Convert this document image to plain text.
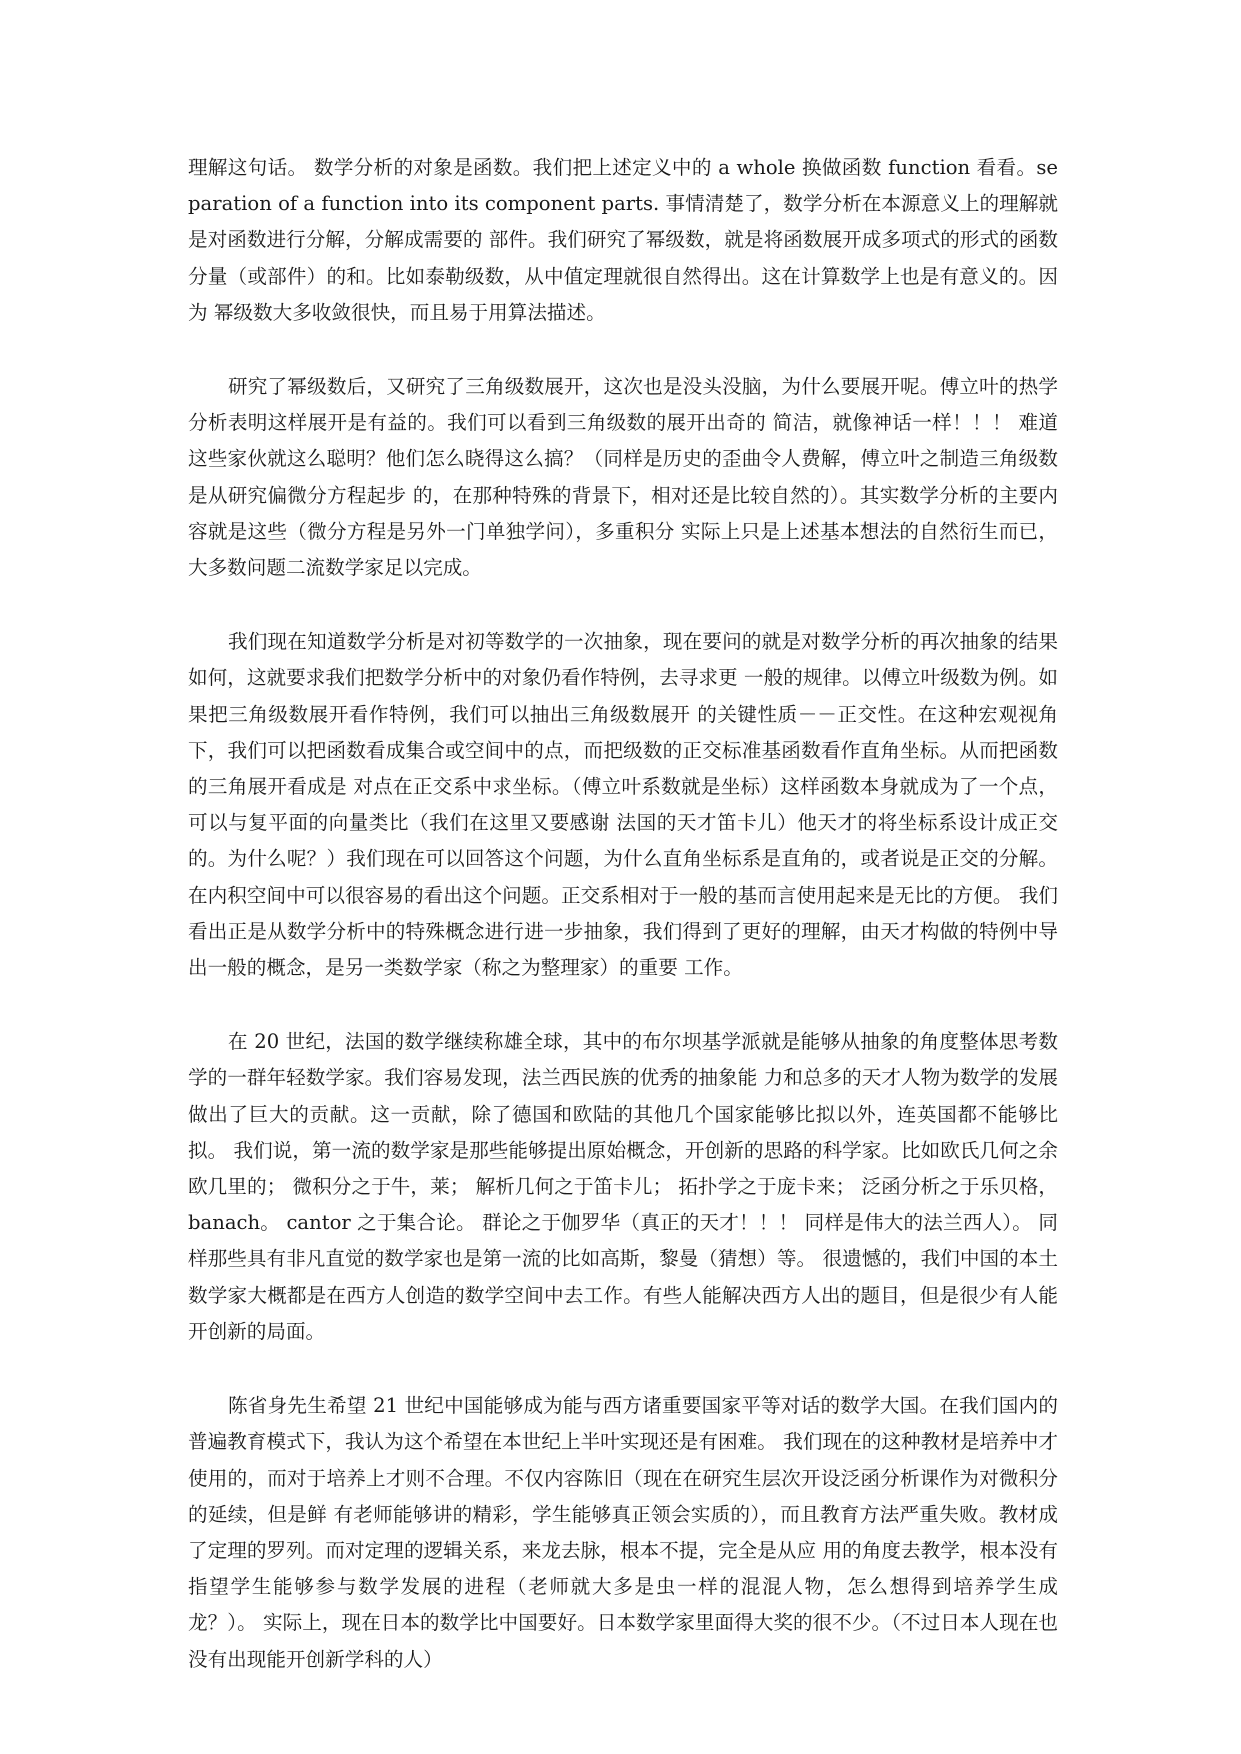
理解这句话。 数学分析的对象是函数。我们把上述定义中的 a whole 换做函数 function 看看。separation of a function into its component parts. 事情清楚了，数学分析在本源意义上的理解就是对函数进行分解，分解成需要的 部件。我们研究了幂级数，就是将函数展开成多项式的形式的函数分量（或部件）的和。比如泰勒级数，从中值定理就很自然得出。这在计算数学上也是有意义的。因为 幂级数大多收敛很快，而且易于用算法描述。

研究了幂级数后，又研究了三角级数展开，这次也是没头没脑，为什么要展开呢。傅立叶的热学分析表明这样展开是有益的。我们可以看到三角级数的展开出奇的 简洁，就像神话一样！！！ 难道这些家伙就这么聪明？他们怎么晓得这么搞？（同样是历史的歪曲令人费解，傅立叶之制造三角级数是从研究偏微分方程起步 的，在那种特殊的背景下，相对还是比较自然的）。其实数学分析的主要内容就是这些（微分方程是另外一门单独学问），多重积分 实际上只是上述基本想法的自然衍生而已，大多数问题二流数学家足以完成。

我们现在知道数学分析是对初等数学的一次抽象，现在要问的就是对数学分析的再次抽象的结果如何，这就要求我们把数学分析中的对象仍看作特例，去寻求更 一般的规律。以傅立叶级数为例。如果把三角级数展开看作特例，我们可以抽出三角级数展开 的关键性质－－正交性。在这种宏观视角下，我们可以把函数看成集合或空间中的点，而把级数的正交标准基函数看作直角坐标。从而把函数的三角展开看成是 对点在正交系中求坐标。（傅立叶系数就是坐标）这样函数本身就成为了一个点，可以与复平面的向量类比（我们在这里又要感谢 法国的天才笛卡儿）他天才的将坐标系设计成正交的。为什么呢？）我们现在可以回答这个问题，为什么直角坐标系是直角的，或者说是正交的分解。 在内积空间中可以很容易的看出这个问题。正交系相对于一般的基而言使用起来是无比的方便。 我们看出正是从数学分析中的特殊概念进行进一步抽象，我们得到了更好的理解，由天才构做的特例中导出一般的概念，是另一类数学家（称之为整理家）的重要 工作。

在 20 世纪，法国的数学继续称雄全球，其中的布尔坝基学派就是能够从抽象的角度整体思考数学的一群年轻数学家。我们容易发现，法兰西民族的优秀的抽象能 力和总多的天才人物为数学的发展做出了巨大的贡献。这一贡献，除了德国和欧陆的其他几个国家能够比拟以外，连英国都不能够比拟。 我们说，第一流的数学家是那些能够提出原始概念，开创新的思路的科学家。比如欧氏几何之余欧几里的； 微积分之于牛，莱； 解析几何之于笛卡儿； 拓扑学之于庞卡来； 泛函分析之于乐贝格，banach。 cantor 之于集合论。 群论之于伽罗华（真正的天才！！！ 同样是伟大的法兰西人）。 同样那些具有非凡直觉的数学家也是第一流的比如高斯，黎曼（猜想）等。 很遗憾的，我们中国的本土数学家大概都是在西方人创造的数学空间中去工作。有些人能解决西方人出的题目，但是很少有人能开创新的局面。

陈省身先生希望 21 世纪中国能够成为能与西方诸重要国家平等对话的数学大国。在我们国内的普遍教育模式下，我认为这个希望在本世纪上半叶实现还是有困难。 我们现在的这种教材是培养中才使用的，而对于培养上才则不合理。不仅内容陈旧（现在在研究生层次开设泛函分析课作为对微积分的延续，但是鲜 有老师能够讲的精彩，学生能够真正领会实质的），而且教育方法严重失败。教材成了定理的罗列。而对定理的逻辑关系，来龙去脉，根本不提，完全是从应 用的角度去教学，根本没有指望学生能够参与数学发展的进程（老师就大多是虫一样的混混人物，怎么想得到培养学生成龙？）。 实际上，现在日本的数学比中国要好。日本数学家里面得大奖的很不少。（不过日本人现在也没有出现能开创新学科的人）
